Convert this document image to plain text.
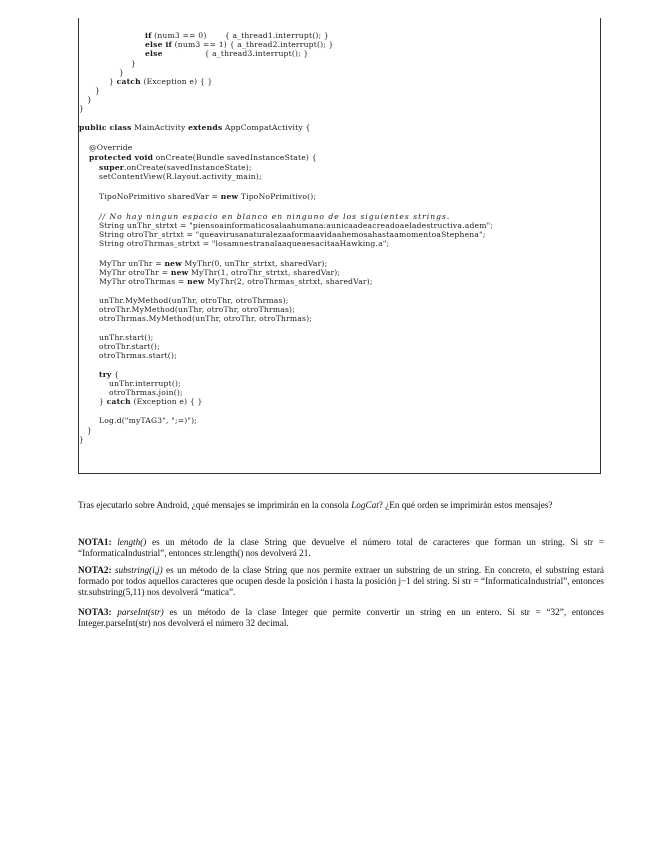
if (num3 == 0)       { a_thread1.interrupt(); }
else if (num3 == 1) { a_thread2.interrupt(); }
else                { a_thread3.interrupt(); }
}
}
} catch (Exception e) { }
}
}
}
public class MainActivity extends AppCompatActivity {
@Override
protected void onCreate(Bundle savedInstanceState) {
super.onCreate(savedInstanceState);
setContentView(R.layout.activity_main);
TipoNoPrimitivo sharedVar = new TipoNoPrimitivo();
// No hay ningun espacio en blanco en ninguno de los siguientes strings.
String unThr_strtxt = "piensoainformaticosalaahumana:aunicaadeacreadoaeladestructiva.adem";
String otroThr_strtxt = "queavirusanaturalezaaformaavidaahemosahastaamomentoaStephena";
String otroThrmas_strtxt = "losamuestranalaaqueaesacitaaHawking.a";
MyThr unThr = new MyThr(0, unThr_strtxt, sharedVar);
MyThr otroThr = new MyThr(1, otroThr_strtxt, sharedVar);
MyThr otroThrmas = new MyThr(2, otroThrmas_strtxt, sharedVar);
unThr.MyMethod(unThr, otroThr, otroThrmas);
otroThr.MyMethod(unThr, otroThr, otroThrmas);
otroThrmas.MyMethod(unThr, otroThr, otroThrmas);
unThr.start();
otroThr.start();
otroThrmas.start();
try {
unThr.interrupt();
otroThrmas.join();
} catch (Exception e) { }
Log.d("myTAG3", ";=)");
}
}
Tras ejecutarlo sobre Android, ¿qué mensajes se imprimirán en la consola LogCat? ¿En qué orden se imprimirán estos mensajes?
NOTA1: length() es un método de la clase String que devuelve el número total de caracteres que forman un string. Si str = “InformaticaIndustrial”, entonces str.length() nos devolverá 21.
NOTA2: substring(i,j) es un método de la clase String que nos permite extraer un substring de un string. En concreto, el substring estará formado por todos aquellos caracteres que ocupen desde la posición i hasta la posición j−1 del string. Si str = “InformaticaIndustrial”, entonces str.substring(5,11) nos devolverá “matica”.
NOTA3: parseInt(str) es un método de la clase Integer que permite convertir un string en un entero. Si str = “32”, entonces Integer.parseInt(str) nos devolverá el número 32 decimal.
